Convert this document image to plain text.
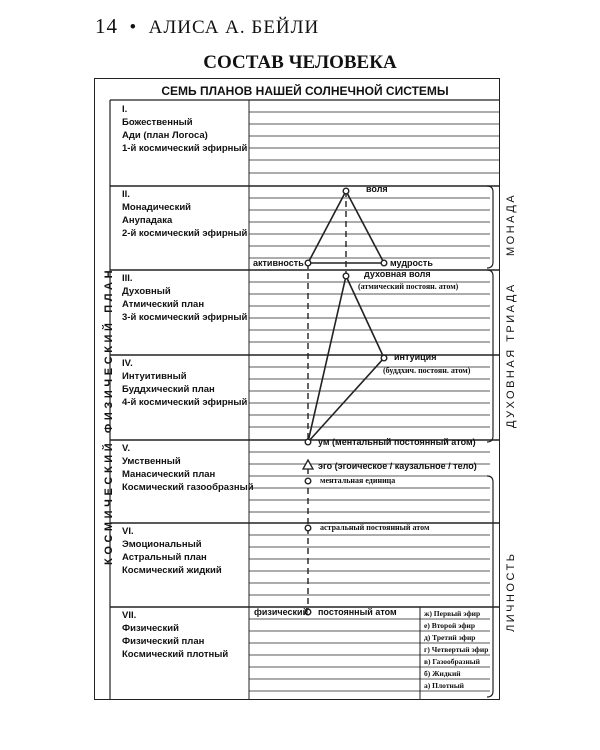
14 • АЛИСА А. БЕЙЛИ
СОСТАВ ЧЕЛОВЕКА
СЕМЬ ПЛАНОВ НАШЕЙ СОЛНЕЧНОЙ СИСТЕМЫ
КОСМИЧЕСКИЙ ФИЗИЧЕСКИЙ ПЛАН
МОНАДА
ДУХОВНАЯ ТРИАДА
ЛИЧНОСТЬ
I.
Божественный
Ади (план Логоса)
1-й космический эфирный
II.
Монадический
Анупадака
2-й космический эфирный
III.
Духовный
Атмический план
3-й космический эфирный
IV.
Интуитивный
Буддхический план
4-й космический эфирный
V.
Умственный
Манасический план
Космический газообразный
VI.
Эмоциональный
Астральный план
Космический жидкий
VII.
Физический
Физический план
Космический плотный
воля
активность	мудрость
духовная воля
(атмический постоян. атом)
интуиция
(буддхич. постоян. атом)
ум (ментальный постоянный атом)
эго (эгоическое / каузальное / тело)
ментальная единица
астральный постоянный атом
физический постоянный атом	ж) Первый эфир
е) Второй эфир
д) Третий эфир
г) Четвертый эфир
в) Газообразный
б) Жидкий
а) Плотный
